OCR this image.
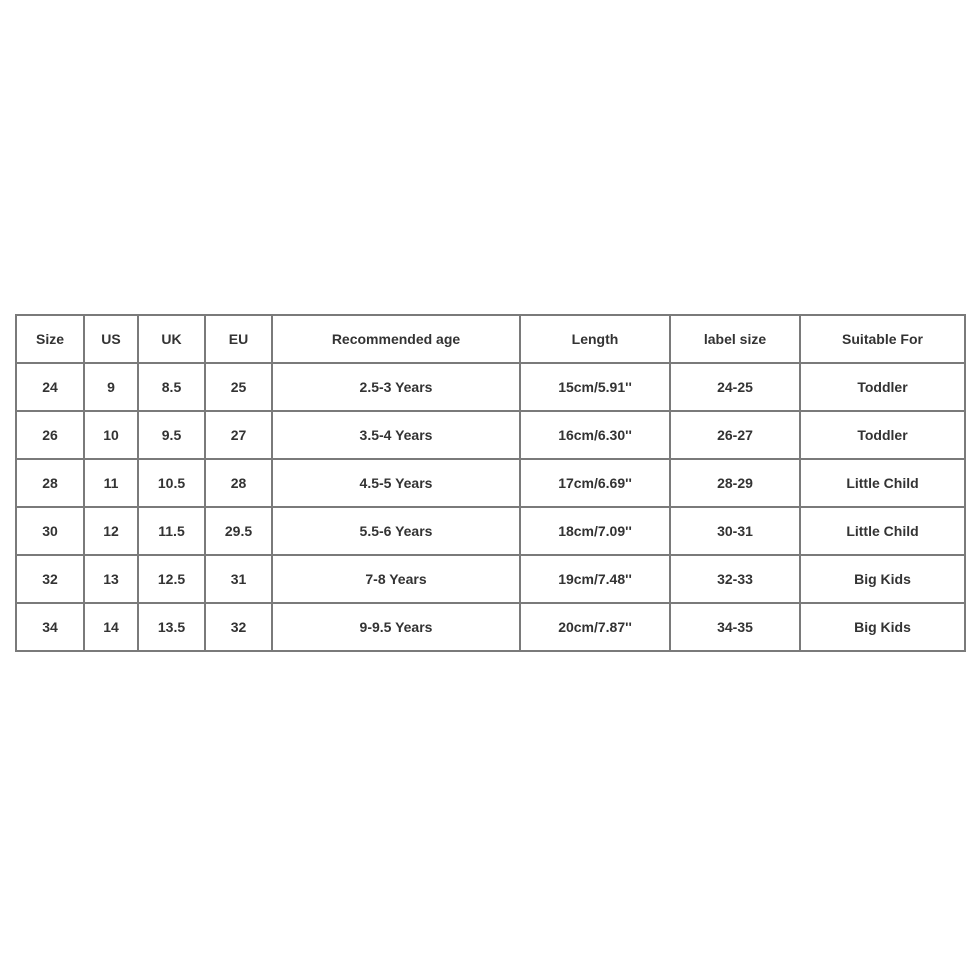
Size	US	UK	EU	Recommended age	Length	label size	Suitable For
24	9	8.5	25	2.5-3 Years	15cm/5.91''	24-25	Toddler
26	10	9.5	27	3.5-4 Years	16cm/6.30''	26-27	Toddler
28	11	10.5	28	4.5-5 Years	17cm/6.69''	28-29	Little Child
30	12	11.5	29.5	5.5-6 Years	18cm/7.09''	30-31	Little Child
32	13	12.5	31	7-8 Years	19cm/7.48''	32-33	Big Kids
34	14	13.5	32	9-9.5 Years	20cm/7.87''	34-35	Big Kids
